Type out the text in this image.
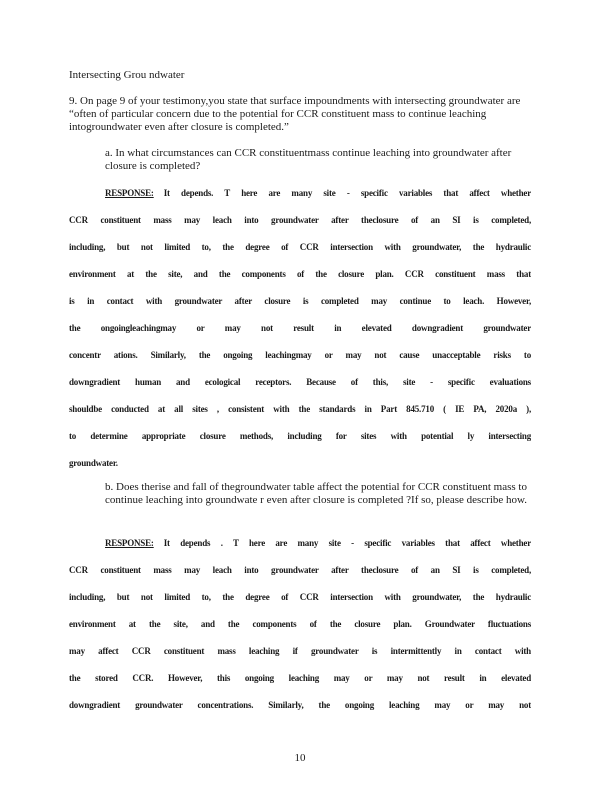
Intersecting Grou ndwater
9. On page 9 of your testimony,you state that surface impoundments with intersecting groundwater are “often of particular concern due to the potential for CCR constituent mass to continue leaching intogroundwater even after closure is completed.”
a. In what circumstances can CCR constituentmass continue leaching into groundwater after closure is completed?
RESPONSE: It depends. T here are many site - specific variables that affect whether
CCR constituent mass may leach into groundwater after theclosure of an SI is completed,
including, but not limited to, the degree of CCR intersection with groundwater, the hydraulic
environment at the site, and the components of the closure plan. CCR constituent mass that
is in contact with groundwater after closure is completed may continue to leach. However,
the ongoingleachingmay or may not result in elevated downgradient groundwater
concentr ations. Similarly, the ongoing leachingmay or may not cause unacceptable risks to
downgradient human and ecological receptors. Because of this, site - specific evaluations
shouldbe conducted at all sites , consistent with the standards in Part 845.710 ( IE PA, 2020a ),
to determine appropriate closure methods, including for sites with potential ly intersecting
groundwater.
b. Does therise and fall of thegroundwater table affect the potential for CCR constituent mass to continue leaching into groundwate r even after closure is completed ?If so, please describe how.
RESPONSE: It depends . T here are many site - specific variables that affect whether
CCR constituent mass may leach into groundwater after theclosure of an SI is completed,
including, but not limited to, the degree of CCR intersection with groundwater, the hydraulic
environment at the site, and the components of the closure plan. Groundwater fluctuations
may affect CCR constituent mass leaching if groundwater is intermittently in contact with
the stored CCR. However, this ongoing leaching may or may not result in elevated
downgradient groundwater concentrations. Similarly, the ongoing leaching may or may not
10
